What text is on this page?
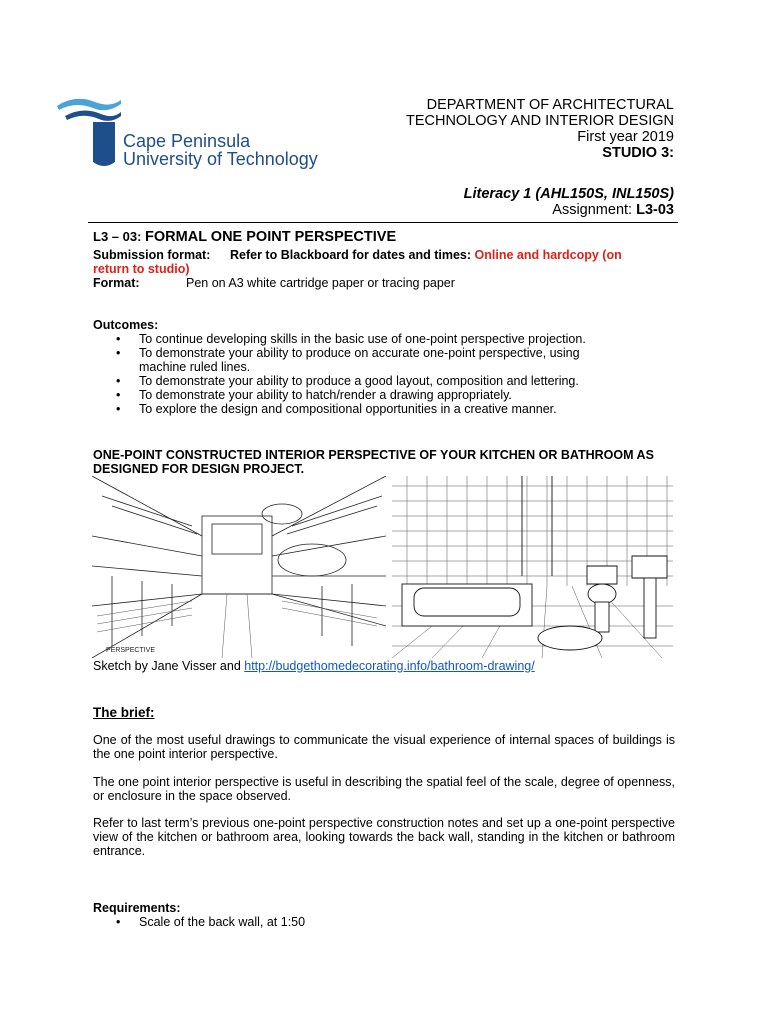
Cape Peninsula
University of Technology
DEPARTMENT OF ARCHITECTURAL
TECHNOLOGY AND INTERIOR DESIGN
First year 2019
STUDIO 3:
Literacy 1 (AHL150S, INL150S)
Assignment: L3-03
L3 – 03: FORMAL ONE POINT PERSPECTIVE
Submission format: Refer to Blackboard for dates and times: Online and hardcopy (on
return to studio)
Format:	Pen on A3 white cartridge paper or tracing paper
Outcomes:
• To continue developing skills in the basic use of one-point perspective projection.
• To demonstrate your ability to produce on accurate one-point perspective, using machine ruled lines.
• To demonstrate your ability to produce a good layout, composition and lettering.
• To demonstrate your ability to hatch/render a drawing appropriately.
• To explore the design and compositional opportunities in a creative manner.
ONE-POINT CONSTRUCTED INTERIOR PERSPECTIVE OF YOUR KITCHEN OR BATHROOM AS DESIGNED FOR DESIGN PROJECT.
PERSPECTIVE
Sketch by Jane Visser and http://budgethomedecorating.info/bathroom-drawing/
The brief:
One of the most useful drawings to communicate the visual experience of internal spaces of buildings is the one point interior perspective.
The one point interior perspective is useful in describing the spatial feel of the scale, degree of openness, or enclosure in the space observed.
Refer to last term’s previous one-point perspective construction notes and set up a one-point perspective view of the kitchen or bathroom area, looking towards the back wall, standing in the kitchen or bathroom entrance.
Requirements:
• Scale of the back wall, at 1:50
